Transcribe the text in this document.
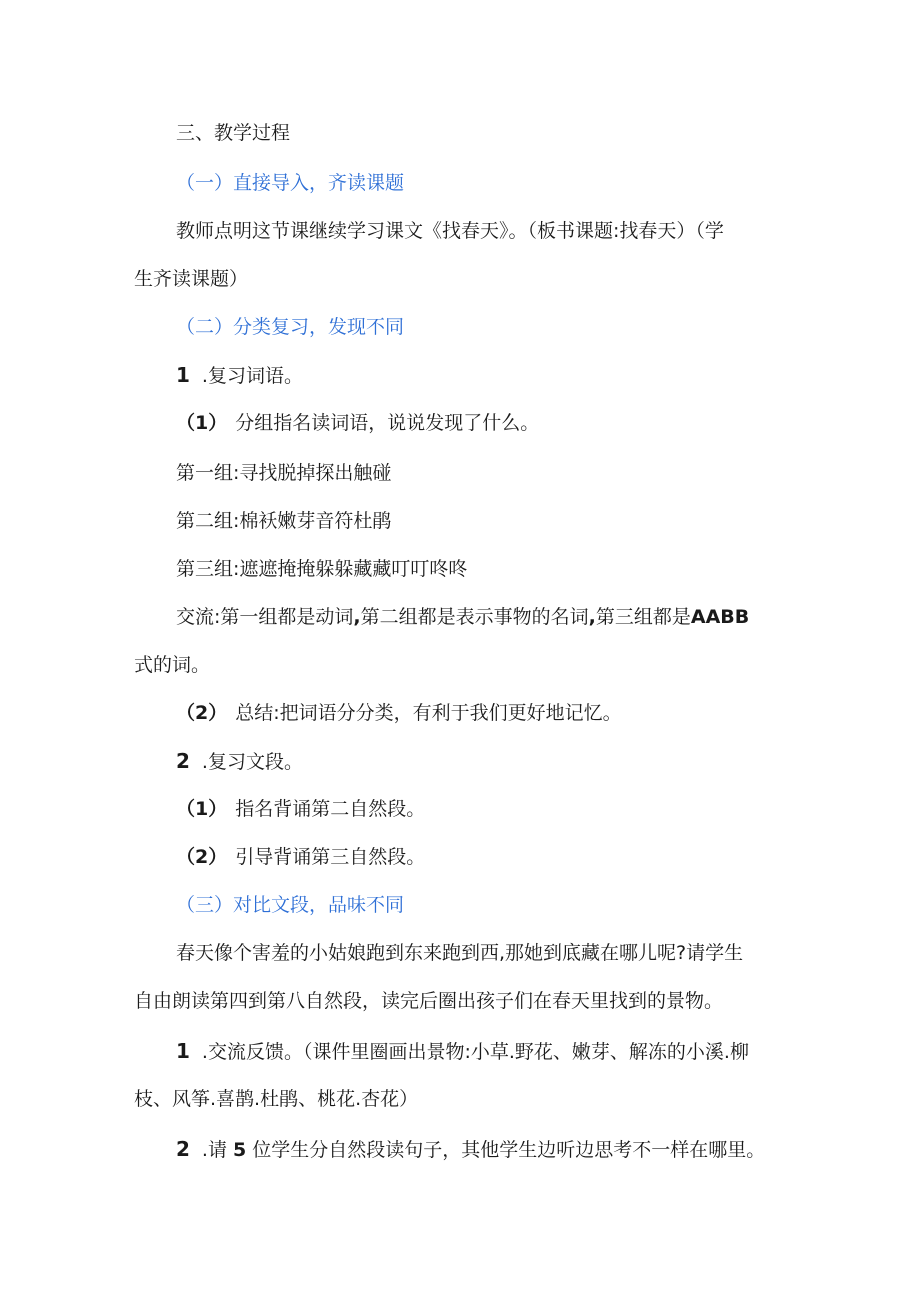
三、教学过程

（一）直接导入，齐读课题

教师点明这节课继续学习课文《找春天》。（板书课题:找春天）（学

生齐读课题）

（二）分类复习，发现不同

1 .复习词语。

（1） 分组指名读词语，说说发现了什么。

第一组:寻找脱掉探出触碰

第二组:棉袄嫩芽音符杜鹃

第三组:遮遮掩掩躲躲藏藏叮叮咚咚

交流:第一组都是动词,第二组都是表示事物的名词,第三组都是AABB

式的词。

（2） 总结:把词语分分类，有利于我们更好地记忆。

2 .复习文段。

（1） 指名背诵第二自然段。

（2） 引导背诵第三自然段。

（三）对比文段，品味不同

春天像个害羞的小姑娘跑到东来跑到西,那她到底藏在哪儿呢?请学生

自由朗读第四到第八自然段，读完后圈出孩子们在春天里找到的景物。

1 .交流反馈。（课件里圈画出景物:小草.野花、嫩芽、解冻的小溪.柳

枝、风筝.喜鹊.杜鹃、桃花.杏花）

2 .请 5 位学生分自然段读句子，其他学生边听边思考不一样在哪里。
